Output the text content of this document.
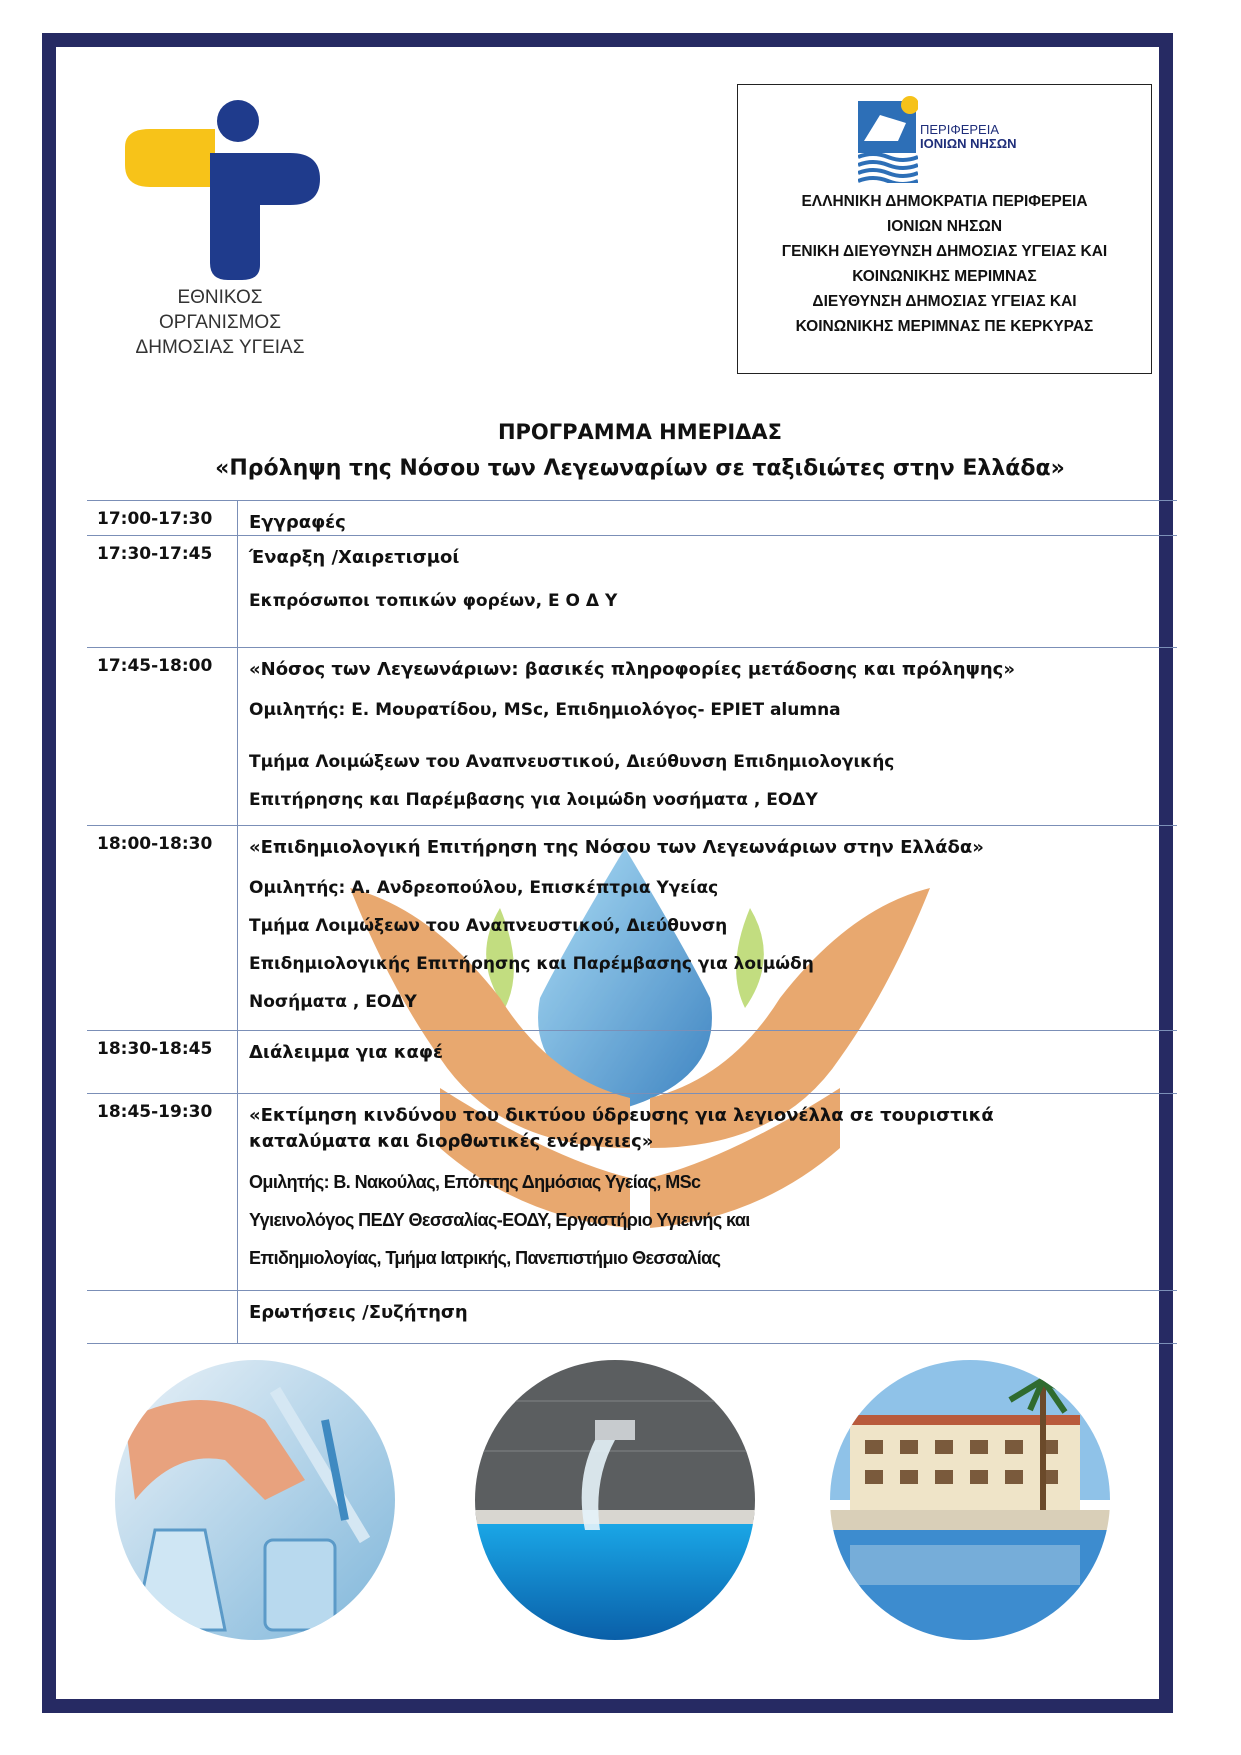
ΕΘΝΙΚΟΣ ΟΡΓΑΝΙΣΜΟΣ
ΔΗΜΟΣΙΑΣ ΥΓΕΙΑΣ
ΠΕΡΙΦΕΡΕΙΑ
ΙΟΝΙΩΝ ΝΗΣΩΝ
ΕΛΛΗΝΙΚΗ ΔΗΜΟΚΡΑΤΙΑ ΠΕΡΙΦΕΡΕΙΑ
ΙΟΝΙΩΝ ΝΗΣΩΝ
ΓΕΝΙΚΗ ΔΙΕΥΘΥΝΣΗ ΔΗΜΟΣΙΑΣ ΥΓΕΙΑΣ ΚΑΙ
ΚΟΙΝΩΝΙΚΗΣ ΜΕΡΙΜΝΑΣ
ΔΙΕΥΘΥΝΣΗ ΔΗΜΟΣΙΑΣ ΥΓΕΙΑΣ ΚΑΙ
ΚΟΙΝΩΝΙΚΗΣ ΜΕΡΙΜΝΑΣ ΠΕ ΚΕΡΚΥΡΑΣ
ΠΡΟΓΡΑΜΜΑ ΗΜΕΡΙΔΑΣ
«Πρόληψη της Νόσου των Λεγεωναρίων σε ταξιδιώτες στην Ελλάδα»
17:00-17:30 Εγγραφές
17:30-17:45 Έναρξη /Χαιρετισμοί
Εκπρόσωποι τοπικών φορέων, Ε Ο Δ Υ
17:45-18:00 «Νόσος των Λεγεωνάριων: βασικές πληροφορίες μετάδοσης και πρόληψης»
Ομιλητής: Ε. Μουρατίδου, MSc, Επιδημιολόγος- EPIET alumna
Τμήμα Λοιμώξεων του Αναπνευστικού, Διεύθυνση Επιδημιολογικής
Επιτήρησης και Παρέμβασης για λοιμώδη νοσήματα , ΕΟΔΥ
18:00-18:30 «Επιδημιολογική Επιτήρηση της Νόσου των Λεγεωνάριων στην Ελλάδα»
Ομιλητής: Α. Ανδρεοπούλου, Επισκέπτρια Υγείας
Τμήμα Λοιμώξεων του Αναπνευστικού, Διεύθυνση
Επιδημιολογικής Επιτήρησης και Παρέμβασης για λοιμώδη
Νοσήματα , ΕΟΔΥ
18:30-18:45 Διάλειμμα για καφέ
18:45-19:30 «Εκτίμηση κινδύνου του δικτύου ύδρευσης για λεγιονέλλα σε τουριστικά
καταλύματα και διορθωτικές ενέργειες»
Ομιλητής: Β. Νακούλας, Επόπτης Δημόσιας Υγείας, MSc
Υγιεινολόγος ΠΕΔΥ Θεσσαλίας-ΕΟΔΥ, Εργαστήριο Υγιεινής και
Επιδημιολογίας, Τμήμα Ιατρικής, Πανεπιστήμιο Θεσσαλίας
Ερωτήσεις /Συζήτηση
